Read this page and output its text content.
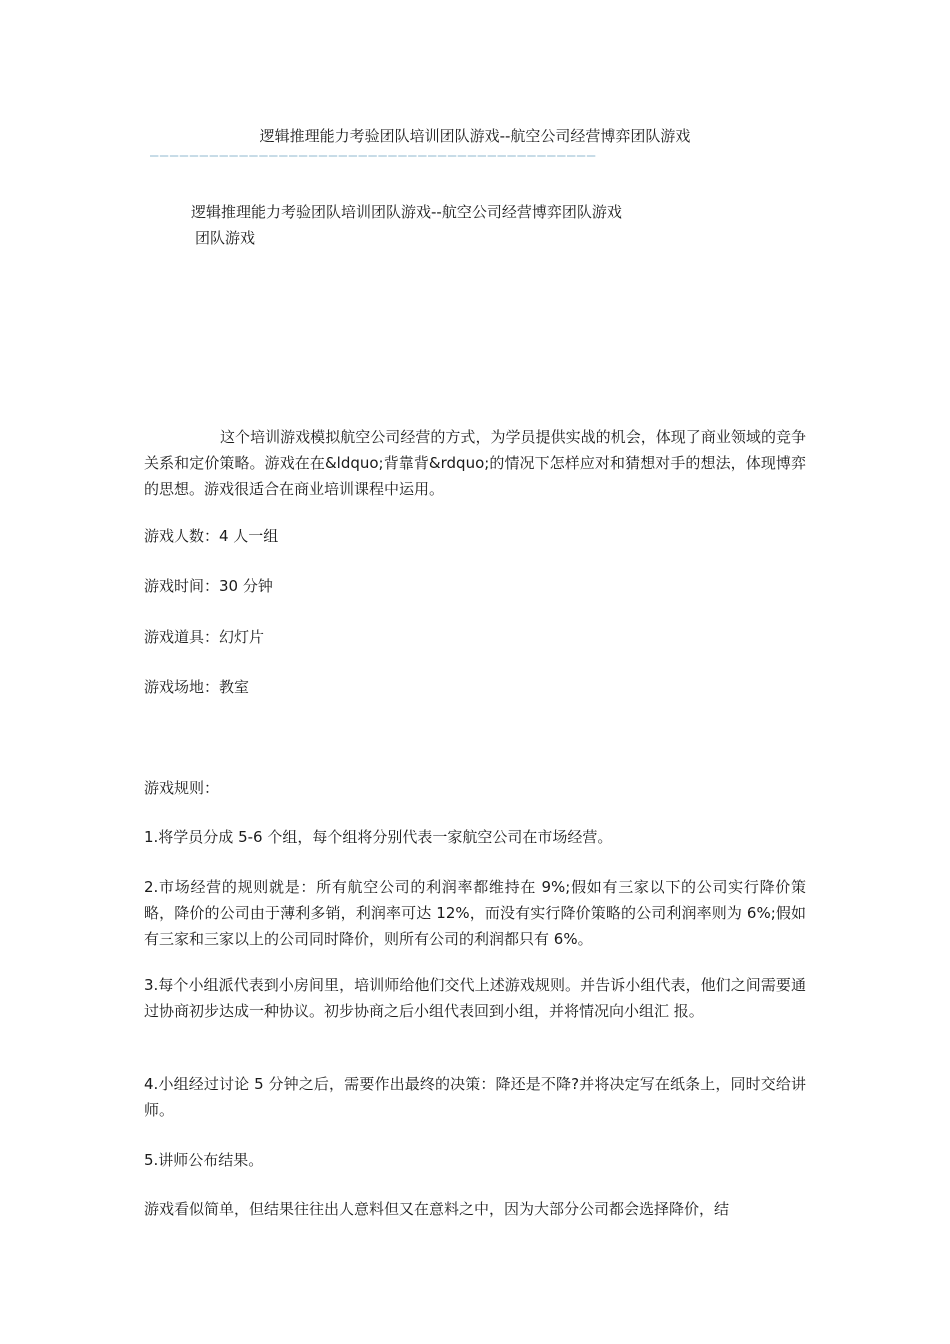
逻辑推理能力考验团队培训团队游戏--航空公司经营博弈团队游戏
—————————————————————————————————————————————
逻辑推理能力考验团队培训团队游戏--航空公司经营博弈团队游戏
团队游戏
这个培训游戏模拟航空公司经营的方式，为学员提供实战的机会，体现了商业领域的竞争关系和定价策略。游戏在在&ldquo;背靠背&rdquo;的情况下怎样应对和猜想对手的想法，体现博弈的思想。游戏很适合在商业培训课程中运用。
游戏人数：4 人一组
游戏时间：30 分钟
游戏道具：幻灯片
游戏场地：教室
游戏规则：
1.将学员分成 5-6 个组，每个组将分别代表一家航空公司在市场经营。
2.市场经营的规则就是：所有航空公司的利润率都维持在 9%;假如有三家以下的公司实行降价策略，降价的公司由于薄利多销，利润率可达 12%，而没有实行降价策略的公司利润率则为 6%;假如有三家和三家以上的公司同时降价，则所有公司的利润都只有 6%。
3.每个小组派代表到小房间里，培训师给他们交代上述游戏规则。并告诉小组代表，他们之间需要通过协商初步达成一种协议。初步协商之后小组代表回到小组，并将情况向小组汇 报。
4.小组经过讨论 5 分钟之后，需要作出最终的决策：降还是不降?并将决定写在纸条上，同时交给讲师。
5.讲师公布结果。
游戏看似简单，但结果往往出人意料但又在意料之中，因为大部分公司都会选择降价，结
